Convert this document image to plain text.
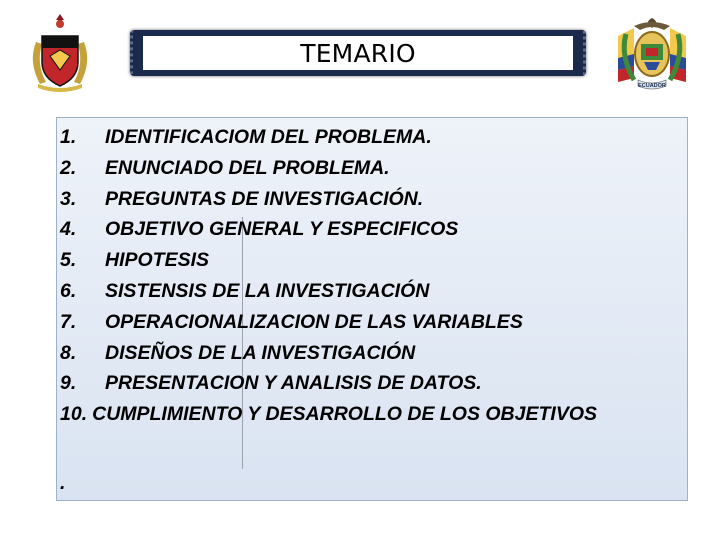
TEMARIO
ECUADOR
1.	IDENTIFICACIOM DEL PROBLEMA.
2.	ENUNCIADO DEL PROBLEMA.
3.	PREGUNTAS DE INVESTIGACIÓN.
4.	OBJETIVO GENERAL Y ESPECIFICOS
5.	HIPOTESIS
6.	SISTENSIS DE LA INVESTIGACIÓN
7.	OPERACIONALIZACION DE LAS VARIABLES
8.	DISEÑOS DE LA INVESTIGACIÓN
9.	PRESENTACION Y ANALISIS DE DATOS.
10. CUMPLIMIENTO Y DESARROLLO DE LOS OBJETIVOS
.
